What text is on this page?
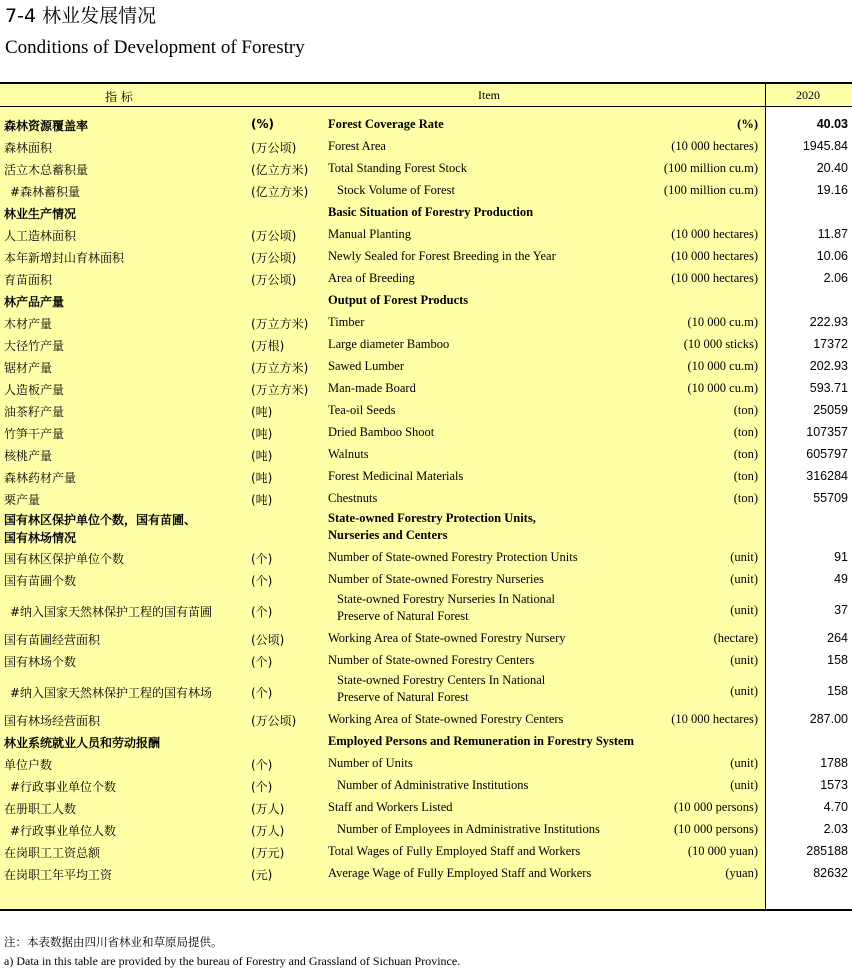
7-4 林业发展情况
Conditions of Development of Forestry
指 标	Item	2020
森林资源覆盖率	(%)	Forest Coverage Rate	(%)	40.03
森林面积	(万公顷)	Forest Area	(10 000 hectares)	1945.84
活立木总蓄积量	(亿立方米) Total Standing Forest Stock	(100 million cu.m)	20.40
#森林蓄积量	(亿立方米) Stock Volume of Forest	(100 million cu.m)	19.16
林业生产情况	Basic Situation of Forestry Production
人工造林面积	(万公顷)	Manual Planting	(10 000 hectares)	11.87
本年新增封山育林面积	(万公顷)	Newly Sealed for Forest Breeding in the Year	(10 000 hectares)	10.06
育苗面积	(万公顷)	Area of Breeding	(10 000 hectares)	2.06
林产品产量	Output of Forest Products
木材产量	(万立方米) Timber	(10 000 cu.m)	222.93
大径竹产量	(万根)	Large diameter Bamboo	(10 000 sticks)	17372
锯材产量	(万立方米) Sawed Lumber	(10 000 cu.m)	202.93
人造板产量	(万立方米) Man-made Board	(10 000 cu.m)	593.71
油茶籽产量	(吨)	Tea-oil Seeds	(ton)	25059
竹笋干产量	(吨)	Dried Bamboo Shoot	(ton)	107357
核桃产量	(吨)	Walnuts	(ton)	605797
森林药材产量	(吨)	Forest Medicinal Materials	(ton)	316284
栗产量	(吨)	Chestnuts	(ton)	55709
国有林区保护单位个数，国有苗圃、
国有林场情况
State-owned Forestry Protection Units,
Nurseries and Centers
国有林区保护单位个数	(个)	Number of State-owned Forestry Protection Units	(unit)	91
国有苗圃个数	(个)	Number of State-owned Forestry Nurseries	(unit)	49
#纳入国家天然林保护工程的国有苗圃	(个)
State-owned Forestry Nurseries In National
Preserve of Natural Forest	(unit)	37
国有苗圃经营面积	(公顷)	Working Area of State-owned Forestry Nursery	(hectare)	264
国有林场个数	(个)	Number of State-owned Forestry Centers	(unit)	158
#纳入国家天然林保护工程的国有林场	(个)
State-owned Forestry Centers In National
Preserve of Natural Forest	(unit)	158
国有林场经营面积	(万公顷)	Working Area of State-owned Forestry Centers	(10 000 hectares)	287.00
林业系统就业人员和劳动报酬	Employed Persons and Remuneration in Forestry System
单位户数	(个)	Number of Units	(unit)	1788
#行政事业单位个数	(个)	Number of Administrative Institutions	(unit)	1573
在册职工人数	(万人)	Staff and Workers Listed	(10 000 persons)	4.70
#行政事业单位人数	(万人)	Number of Employees in Administrative Institutions	(10 000 persons)	2.03
在岗职工工资总额	(万元)	Total Wages of Fully Employed Staff and Workers	(10 000 yuan)	285188
在岗职工年平均工资	(元)	Average Wage of Fully Employed Staff and Workers	(yuan)	82632
注：本表数据由四川省林业和草原局提供。
a) Data in this table are provided by the bureau of Forestry and Grassland of Sichuan Province.
